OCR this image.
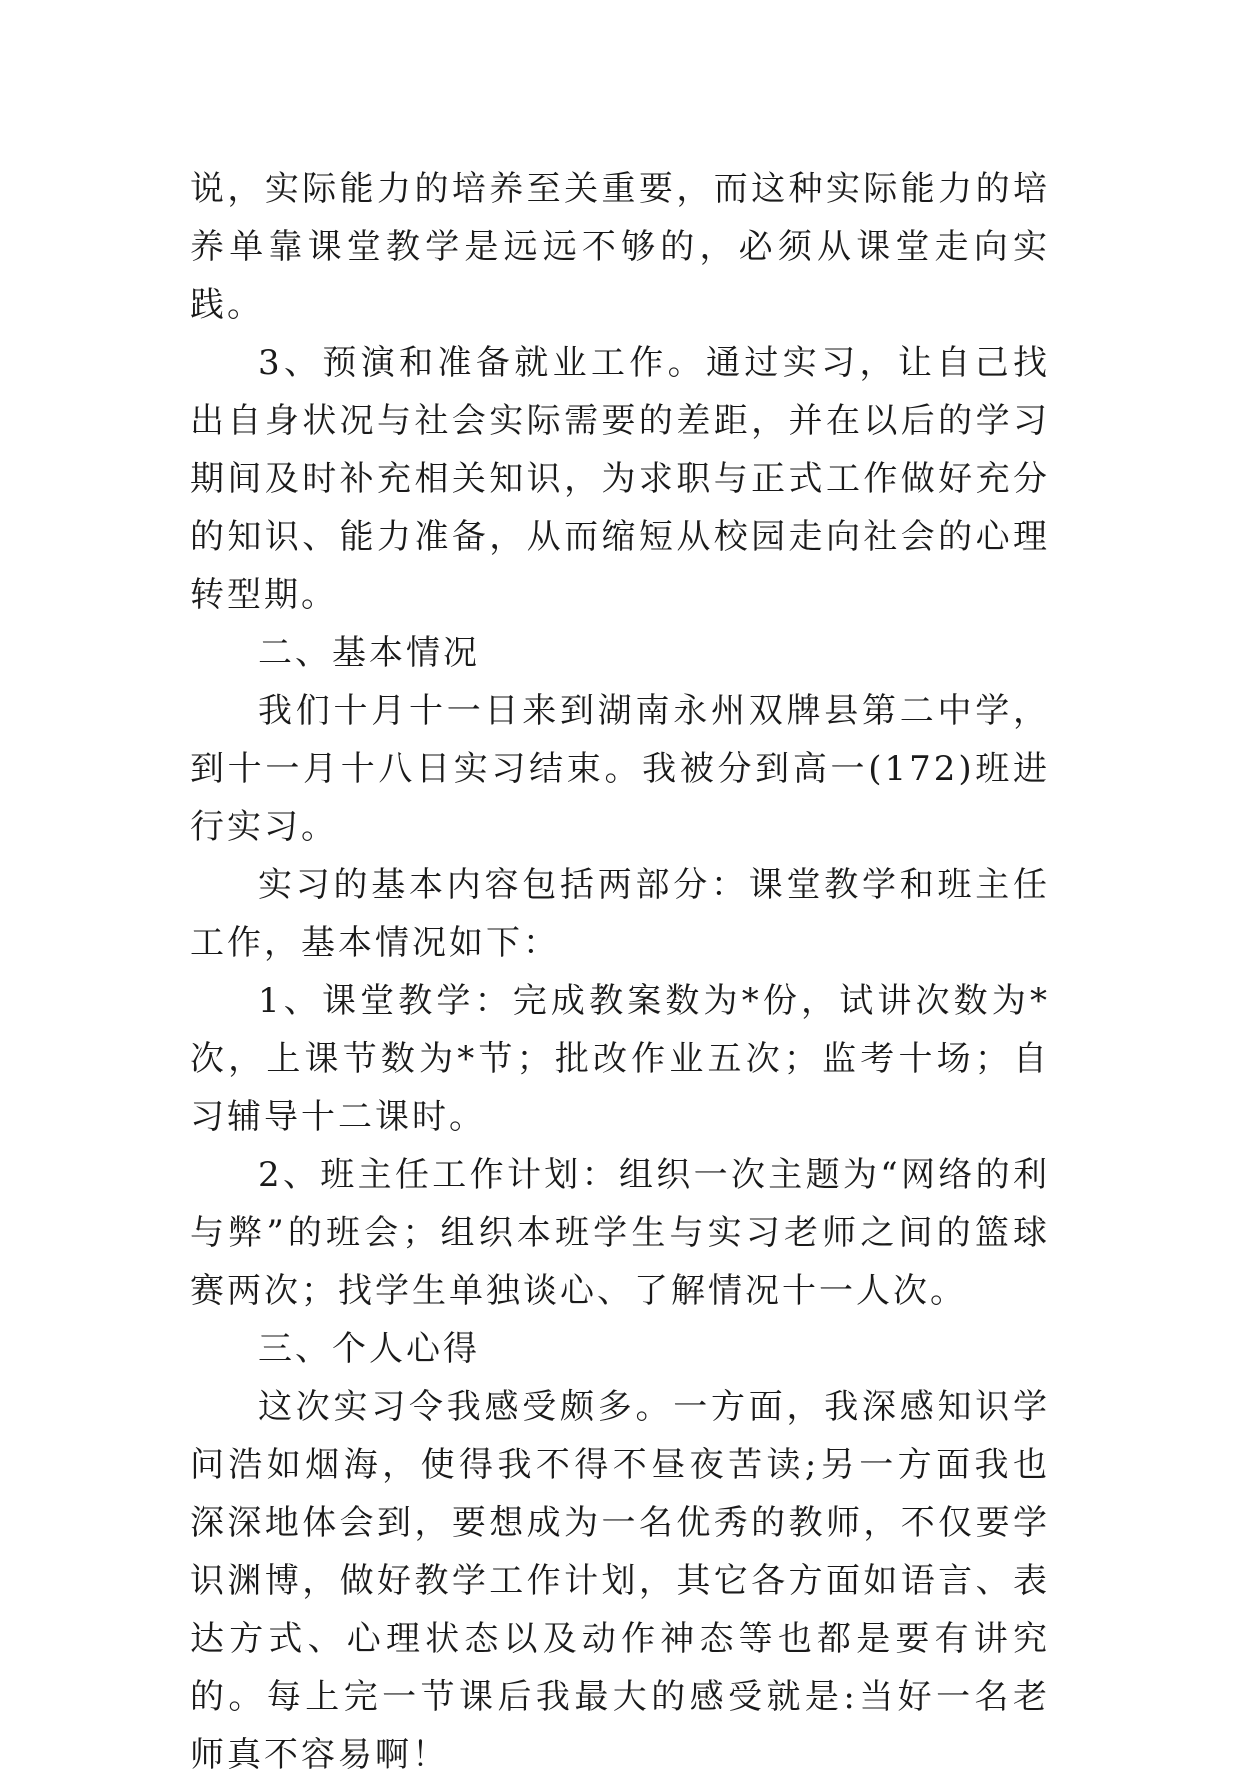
说，实际能力的培养至关重要，而这种实际能力的培养单靠课堂教学是远远不够的，必须从课堂走向实践。

3、预演和准备就业工作。通过实习，让自己找出自身状况与社会实际需要的差距，并在以后的学习期间及时补充相关知识，为求职与正式工作做好充分的知识、能力准备，从而缩短从校园走向社会的心理转型期。

二、基本情况

我们十月十一日来到湖南永州双牌县第二中学，到十一月十八日实习结束。我被分到高一(172)班进行实习。

实习的基本内容包括两部分：课堂教学和班主任工作，基本情况如下：

1、课堂教学：完成教案数为*份，试讲次数为*次，上课节数为*节；批改作业五次；监考十场；自习辅导十二课时。

2、班主任工作计划：组织一次主题为“网络的利与弊”的班会；组织本班学生与实习老师之间的篮球赛两次；找学生单独谈心、了解情况十一人次。

三、个人心得

这次实习令我感受颇多。一方面，我深感知识学问浩如烟海，使得我不得不昼夜苦读;另一方面我也深深地体会到，要想成为一名优秀的教师，不仅要学识渊博，做好教学工作计划，其它各方面如语言、表达方式、心理状态以及动作神态等也都是要有讲究的。每上完一节课后我最大的感受就是:当好一名老师真不容易啊！
